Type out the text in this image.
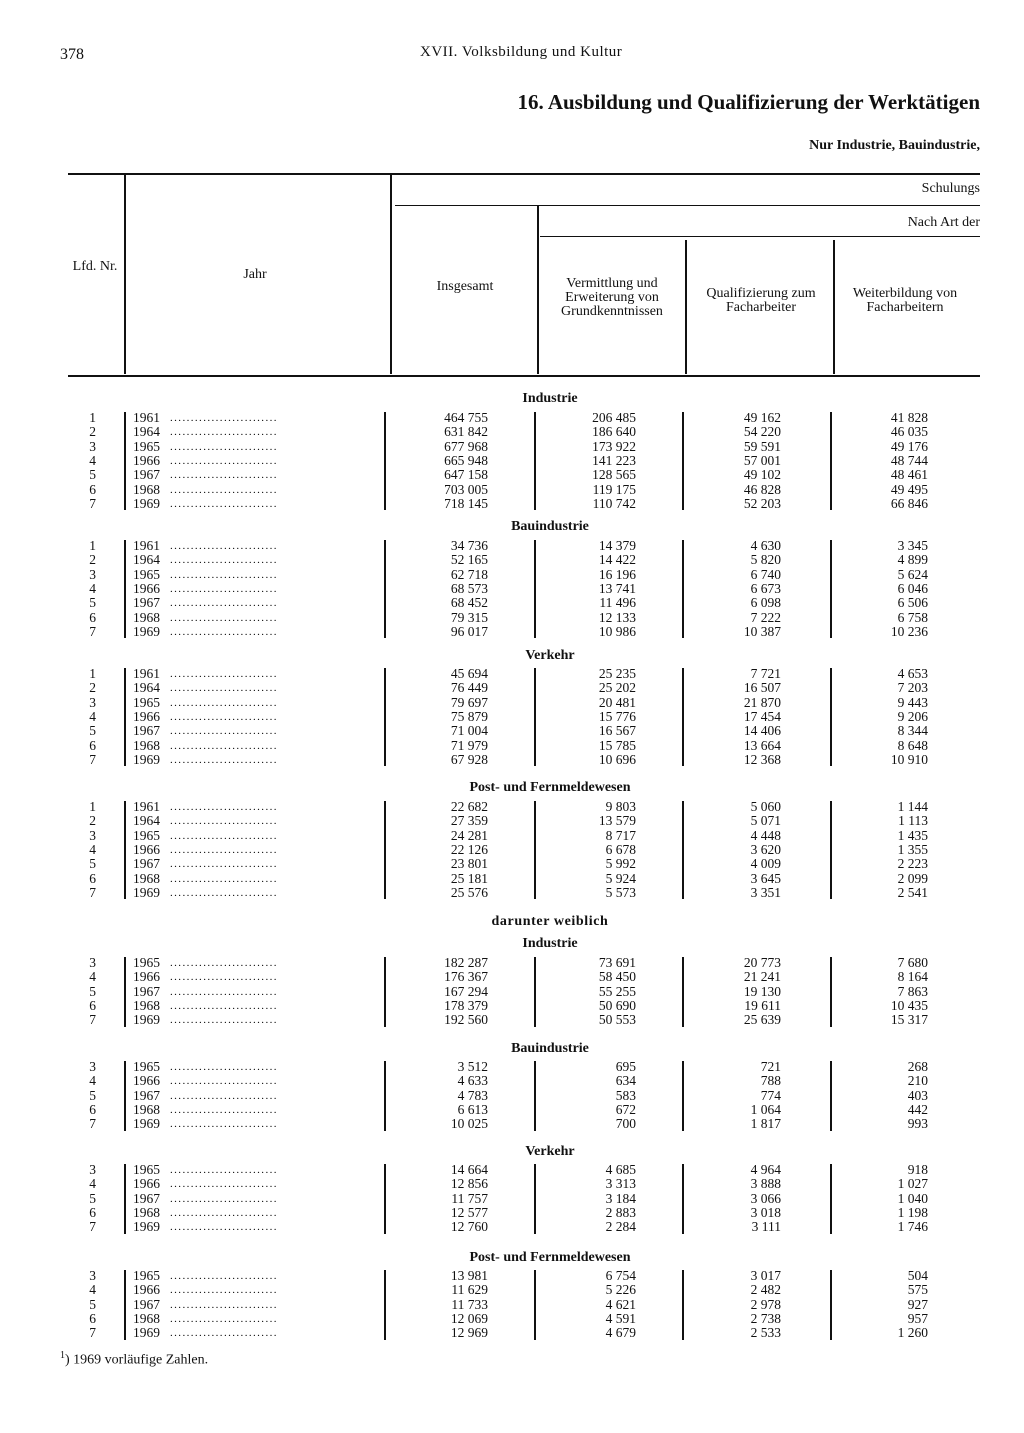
378	XVII. Volksbildung und Kultur
16. Ausbildung und Qualifizierung der Werktätigen
Nur Industrie, Bauindustrie,
Lfd. Nr.
Jahr
Schulungs
Nach Art der
Insgesamt	Vermittlung und Erweiterung von Grundkenntnissen
Qualifizierung zum Facharbeiter
Weiterbildung von Facharbeitern
Industrie
1	1961 ..........................	464 755	206 485	49 162	41 828
2	1964 ..........................	631 842	186 640	54 220	46 035
3	1965 ..........................	677 968	173 922	59 591	49 176
4	1966 ..........................	665 948	141 223	57 001	48 744
5	1967 ..........................	647 158	128 565	49 102	48 461
6	1968 ..........................	703 005	119 175	46 828	49 495
7	1969 ..........................	718 145	110 742	52 203	66 846
Bauindustrie
1	1961 ..........................	34 736	14 379	4 630	3 345
2	1964 ..........................	52 165	14 422	5 820	4 899
3	1965 ..........................	62 718	16 196	6 740	5 624
4	1966 ..........................	68 573	13 741	6 673	6 046
5	1967 ..........................	68 452	11 496	6 098	6 506
6	1968 ..........................	79 315	12 133	7 222	6 758
7	1969 ..........................	96 017	10 986	10 387	10 236
Verkehr
1	1961 ..........................	45 694	25 235	7 721	4 653
2	1964 ..........................	76 449	25 202	16 507	7 203
3	1965 ..........................	79 697	20 481	21 870	9 443
4	1966 ..........................	75 879	15 776	17 454	9 206
5	1967 ..........................	71 004	16 567	14 406	8 344
6	1968 ..........................	71 979	15 785	13 664	8 648
7	1969 ..........................	67 928	10 696	12 368	10 910
Post- und Fernmeldewesen
1	1961 ..........................	22 682	9 803	5 060	1 144
2	1964 ..........................	27 359	13 579	5 071	1 113
3	1965 ..........................	24 281	8 717	4 448	1 435
4	1966 ..........................	22 126	6 678	3 620	1 355
5	1967 ..........................	23 801	5 992	4 009	2 223
6	1968 ..........................	25 181	5 924	3 645	2 099
7	1969 ..........................	25 576	5 573	3 351	2 541
darunter weiblich
Industrie
3	1965 ..........................	182 287	73 691	20 773	7 680
4	1966 ..........................	176 367	58 450	21 241	8 164
5	1967 ..........................	167 294	55 255	19 130	7 863
6	1968 ..........................	178 379	50 690	19 611	10 435
7	1969 ..........................	192 560	50 553	25 639	15 317
Bauindustrie
3	1965 ..........................	3 512	695	721	268
4	1966 ..........................	4 633	634	788	210
5	1967 ..........................	4 783	583	774	403
6	1968 ..........................	6 613	672	1 064	442
7	1969 ..........................	10 025	700	1 817	993
Verkehr
3	1965 ..........................	14 664	4 685	4 964	918
4	1966 ..........................	12 856	3 313	3 888	1 027
5	1967 ..........................	11 757	3 184	3 066	1 040
6	1968 ..........................	12 577	2 883	3 018	1 198
7	1969 ..........................	12 760	2 284	3 111	1 746
Post- und Fernmeldewesen
3	1965 ..........................	13 981	6 754	3 017	504
4	1966 ..........................	11 629	5 226	2 482	575
5	1967 ..........................	11 733	4 621	2 978	927
6	1968 ..........................	12 069	4 591	2 738	957
7	1969 ..........................	12 969	4 679	2 533	1 260
$^1$) 1969 vorläufige Zahlen.
